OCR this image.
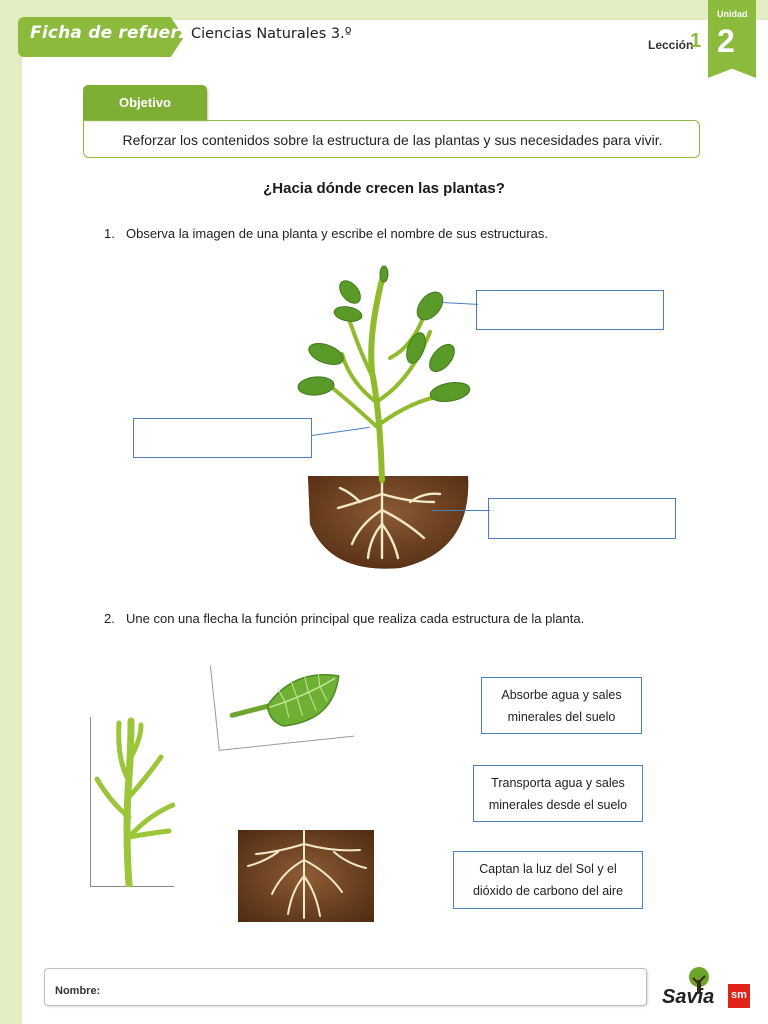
Ficha de refuerzo
Ciencias Naturales 3.º
Lección
1
Unidad
2
Objetivo
Reforzar los contenidos sobre la estructura de las plantas y sus necesidades para vivir.
¿Hacia dónde crecen las plantas?
1. Observa la imagen de una planta y escribe el nombre de sus estructuras.
2. Une con una flecha la función principal que realiza cada estructura de la planta.
Absorbe agua y sales
minerales del suelo
Transporta agua y sales
minerales desde el suelo
Captan la luz del Sol y el
dióxido de carbono del aire
Nombre:	Savia sm
